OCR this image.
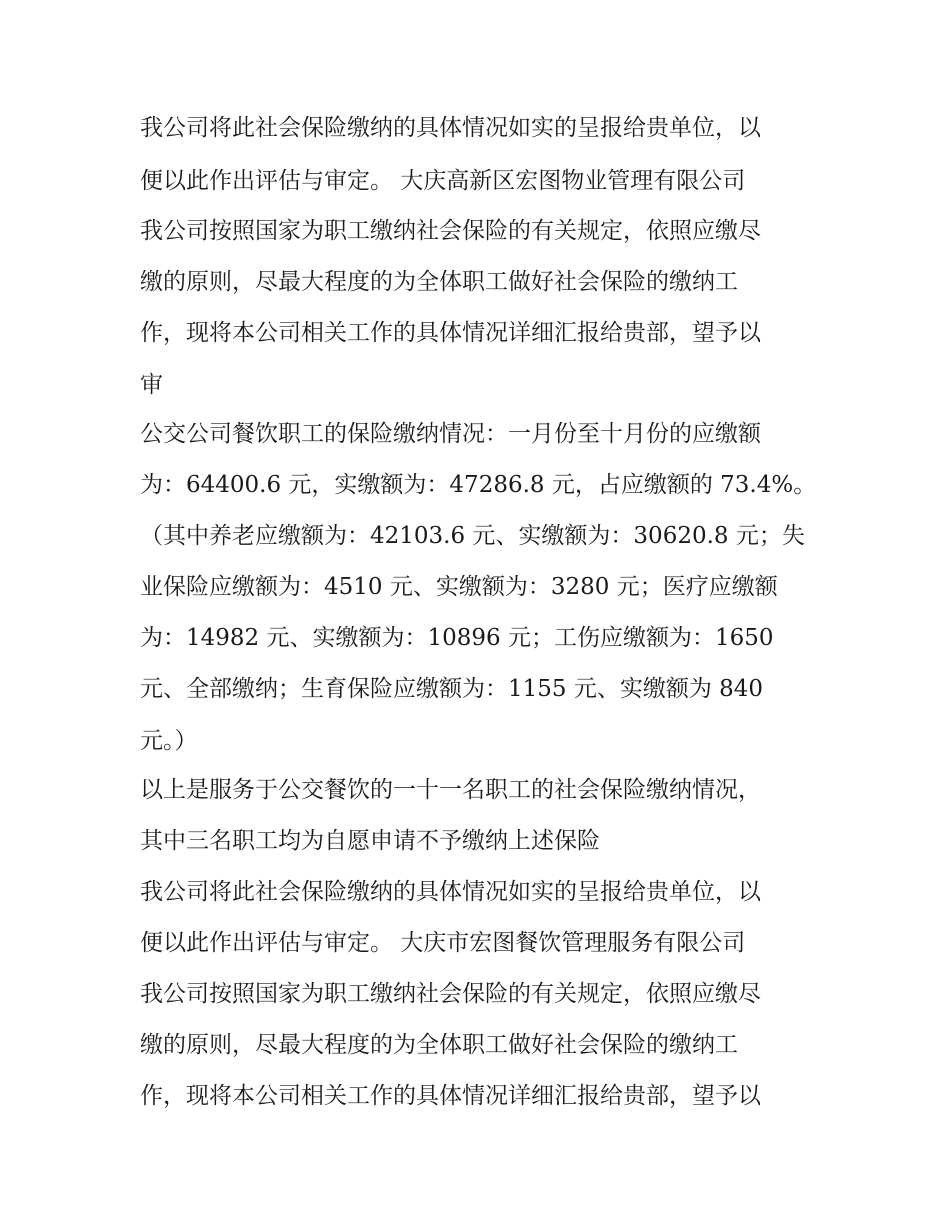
我公司将此社会保险缴纳的具体情况如实的呈报给贵单位，以
便以此作出评估与审定。 大庆高新区宏图物业管理有限公司
我公司按照国家为职工缴纳社会保险的有关规定，依照应缴尽
缴的原则，尽最大程度的为全体职工做好社会保险的缴纳工
作，现将本公司相关工作的具体情况详细汇报给贵部，望予以
审
公交公司餐饮职工的保险缴纳情况：一月份至十月份的应缴额
为：64400.6 元，实缴额为：47286.8 元，占应缴额的 73.4%。
（其中养老应缴额为：42103.6 元、实缴额为：30620.8 元；失
业保险应缴额为：4510 元、实缴额为：3280 元；医疗应缴额
为：14982 元、实缴额为：10896 元；工伤应缴额为：1650
元、全部缴纳；生育保险应缴额为：1155 元、实缴额为 840
元。）
以上是服务于公交餐饮的一十一名职工的社会保险缴纳情况，
其中三名职工均为自愿申请不予缴纳上述保险
我公司将此社会保险缴纳的具体情况如实的呈报给贵单位，以
便以此作出评估与审定。 大庆市宏图餐饮管理服务有限公司
我公司按照国家为职工缴纳社会保险的有关规定，依照应缴尽
缴的原则，尽最大程度的为全体职工做好社会保险的缴纳工
作，现将本公司相关工作的具体情况详细汇报给贵部，望予以
